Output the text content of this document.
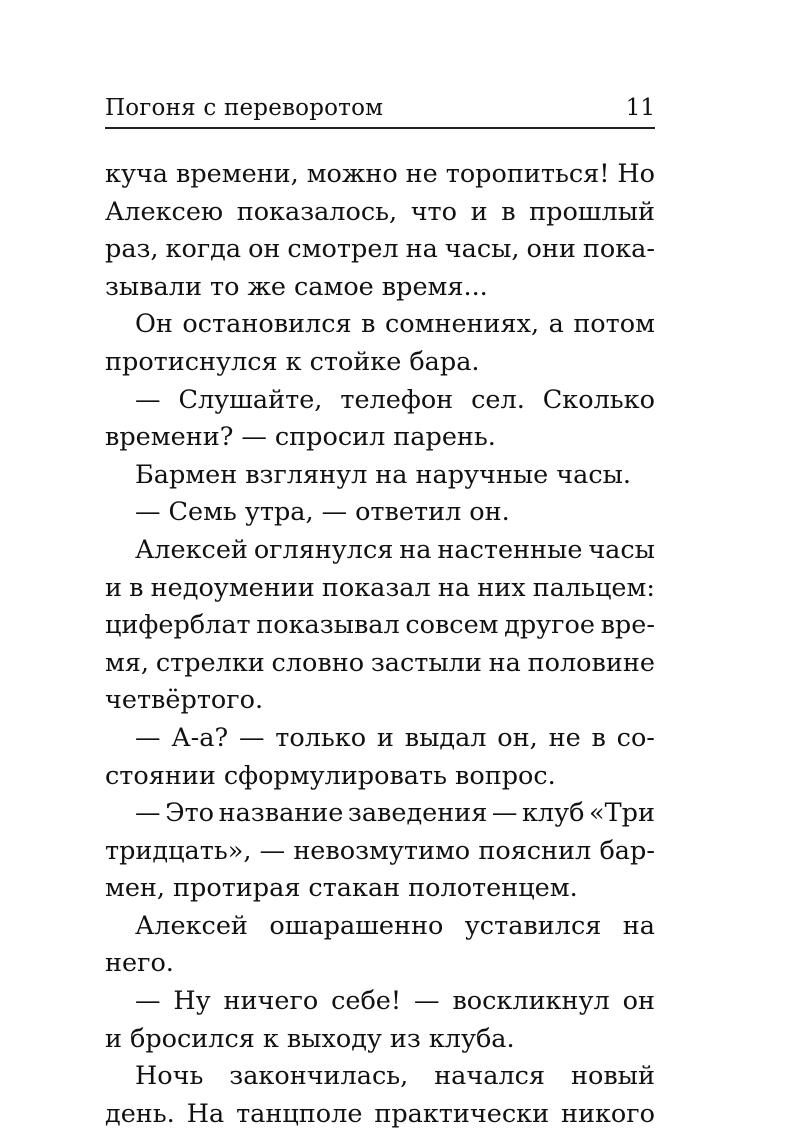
Погоня с переворотом	11
куча времени, можно не торопиться! Но
Алексею показалось, что и в прошлый
раз, когда он смотрел на часы, они пока-
зывали то же самое время...
Он остановился в сомнениях, а потом
протиснулся к стойке бара.
— Слушайте, телефон сел. Сколько
времени? — спросил парень.
Бармен взглянул на наручные часы.
— Семь утра, — ответил он.
Алексей оглянулся на настенные часы
и в недоумении показал на них пальцем:
циферблат показывал совсем другое вре-
мя, стрелки словно застыли на половине
четвёртого.
— А-а? — только и выдал он, не в со-
стоянии сформулировать вопрос.
— Это название заведения — клуб «Три
тридцать», — невозмутимо пояснил бар-
мен, протирая стакан полотенцем.
Алексей ошарашенно уставился на
него.
— Ну ничего себе! — воскликнул он
и бросился к выходу из клуба.
Ночь закончилась, начался новый
день. На танцполе практически никого
